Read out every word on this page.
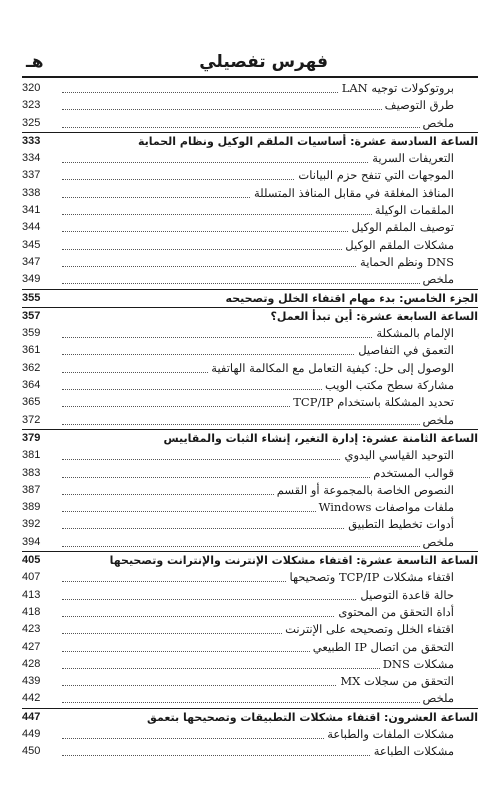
فهرس تفصيلي
هـ
بروتوكولات توجيه LAN
320
طرق التوصيف
323
ملخص
325
الساعة السادسة عشرة: أساسيات الملقم الوكيل ونظام الحماية
333
التعريفات السرية
334
الموجهات التي تنفح حزم البيانات
337
المنافذ المغلقة في مقابل المنافذ المتسللة
338
الملقمات الوكيلة
341
توصيف الملقم الوكيل
344
مشكلات الملقم الوكيل
345
DNS ونظم الحماية
347
ملخص
349
الجزء الخامس: بدء مهام اقتفاء الخلل وتصحيحه
355
الساعة السابعة عشرة: أين تبدأ العمل؟
357
الإلمام بالمشكلة
359
التعمق في التفاصيل
361
الوصول إلى حل: كيفية التعامل مع المكالمة الهاتفية
362
مشاركة سطح مكتب الويب
364
تحديد المشكلة باستخدام TCP/IP
365
ملخص
372
الساعة الثامنة عشرة: إدارة التغير، إنشاء الثبات والمقاييس
379
التوحيد القياسي اليدوي
381
قوالب المستخدم
383
النصوص الخاصة بالمجموعة أو القسم
387
ملفات مواصفات Windows
389
أدوات تخطيط التطبيق
392
ملخص
394
الساعة التاسعة عشرة: اقتفاء مشكلات الإنترنت والإنترانت وتصحيحها
405
اقتفاء مشكلات TCP/IP وتصحيحها
407
حالة قاعدة التوصيل
413
أداة التحقق من المحتوى
418
اقتفاء الخلل وتصحيحه على الإنترنت
423
التحقق من اتصال IP الطبيعي
427
مشكلات DNS
428
التحقق من سجلات MX
439
ملخص
442
الساعة العشرون: اقتفاء مشكلات التطبيقات وتصحيحها بتعمق
447
مشكلات الملفات والطباعة
449
مشكلات الطباعة
450
